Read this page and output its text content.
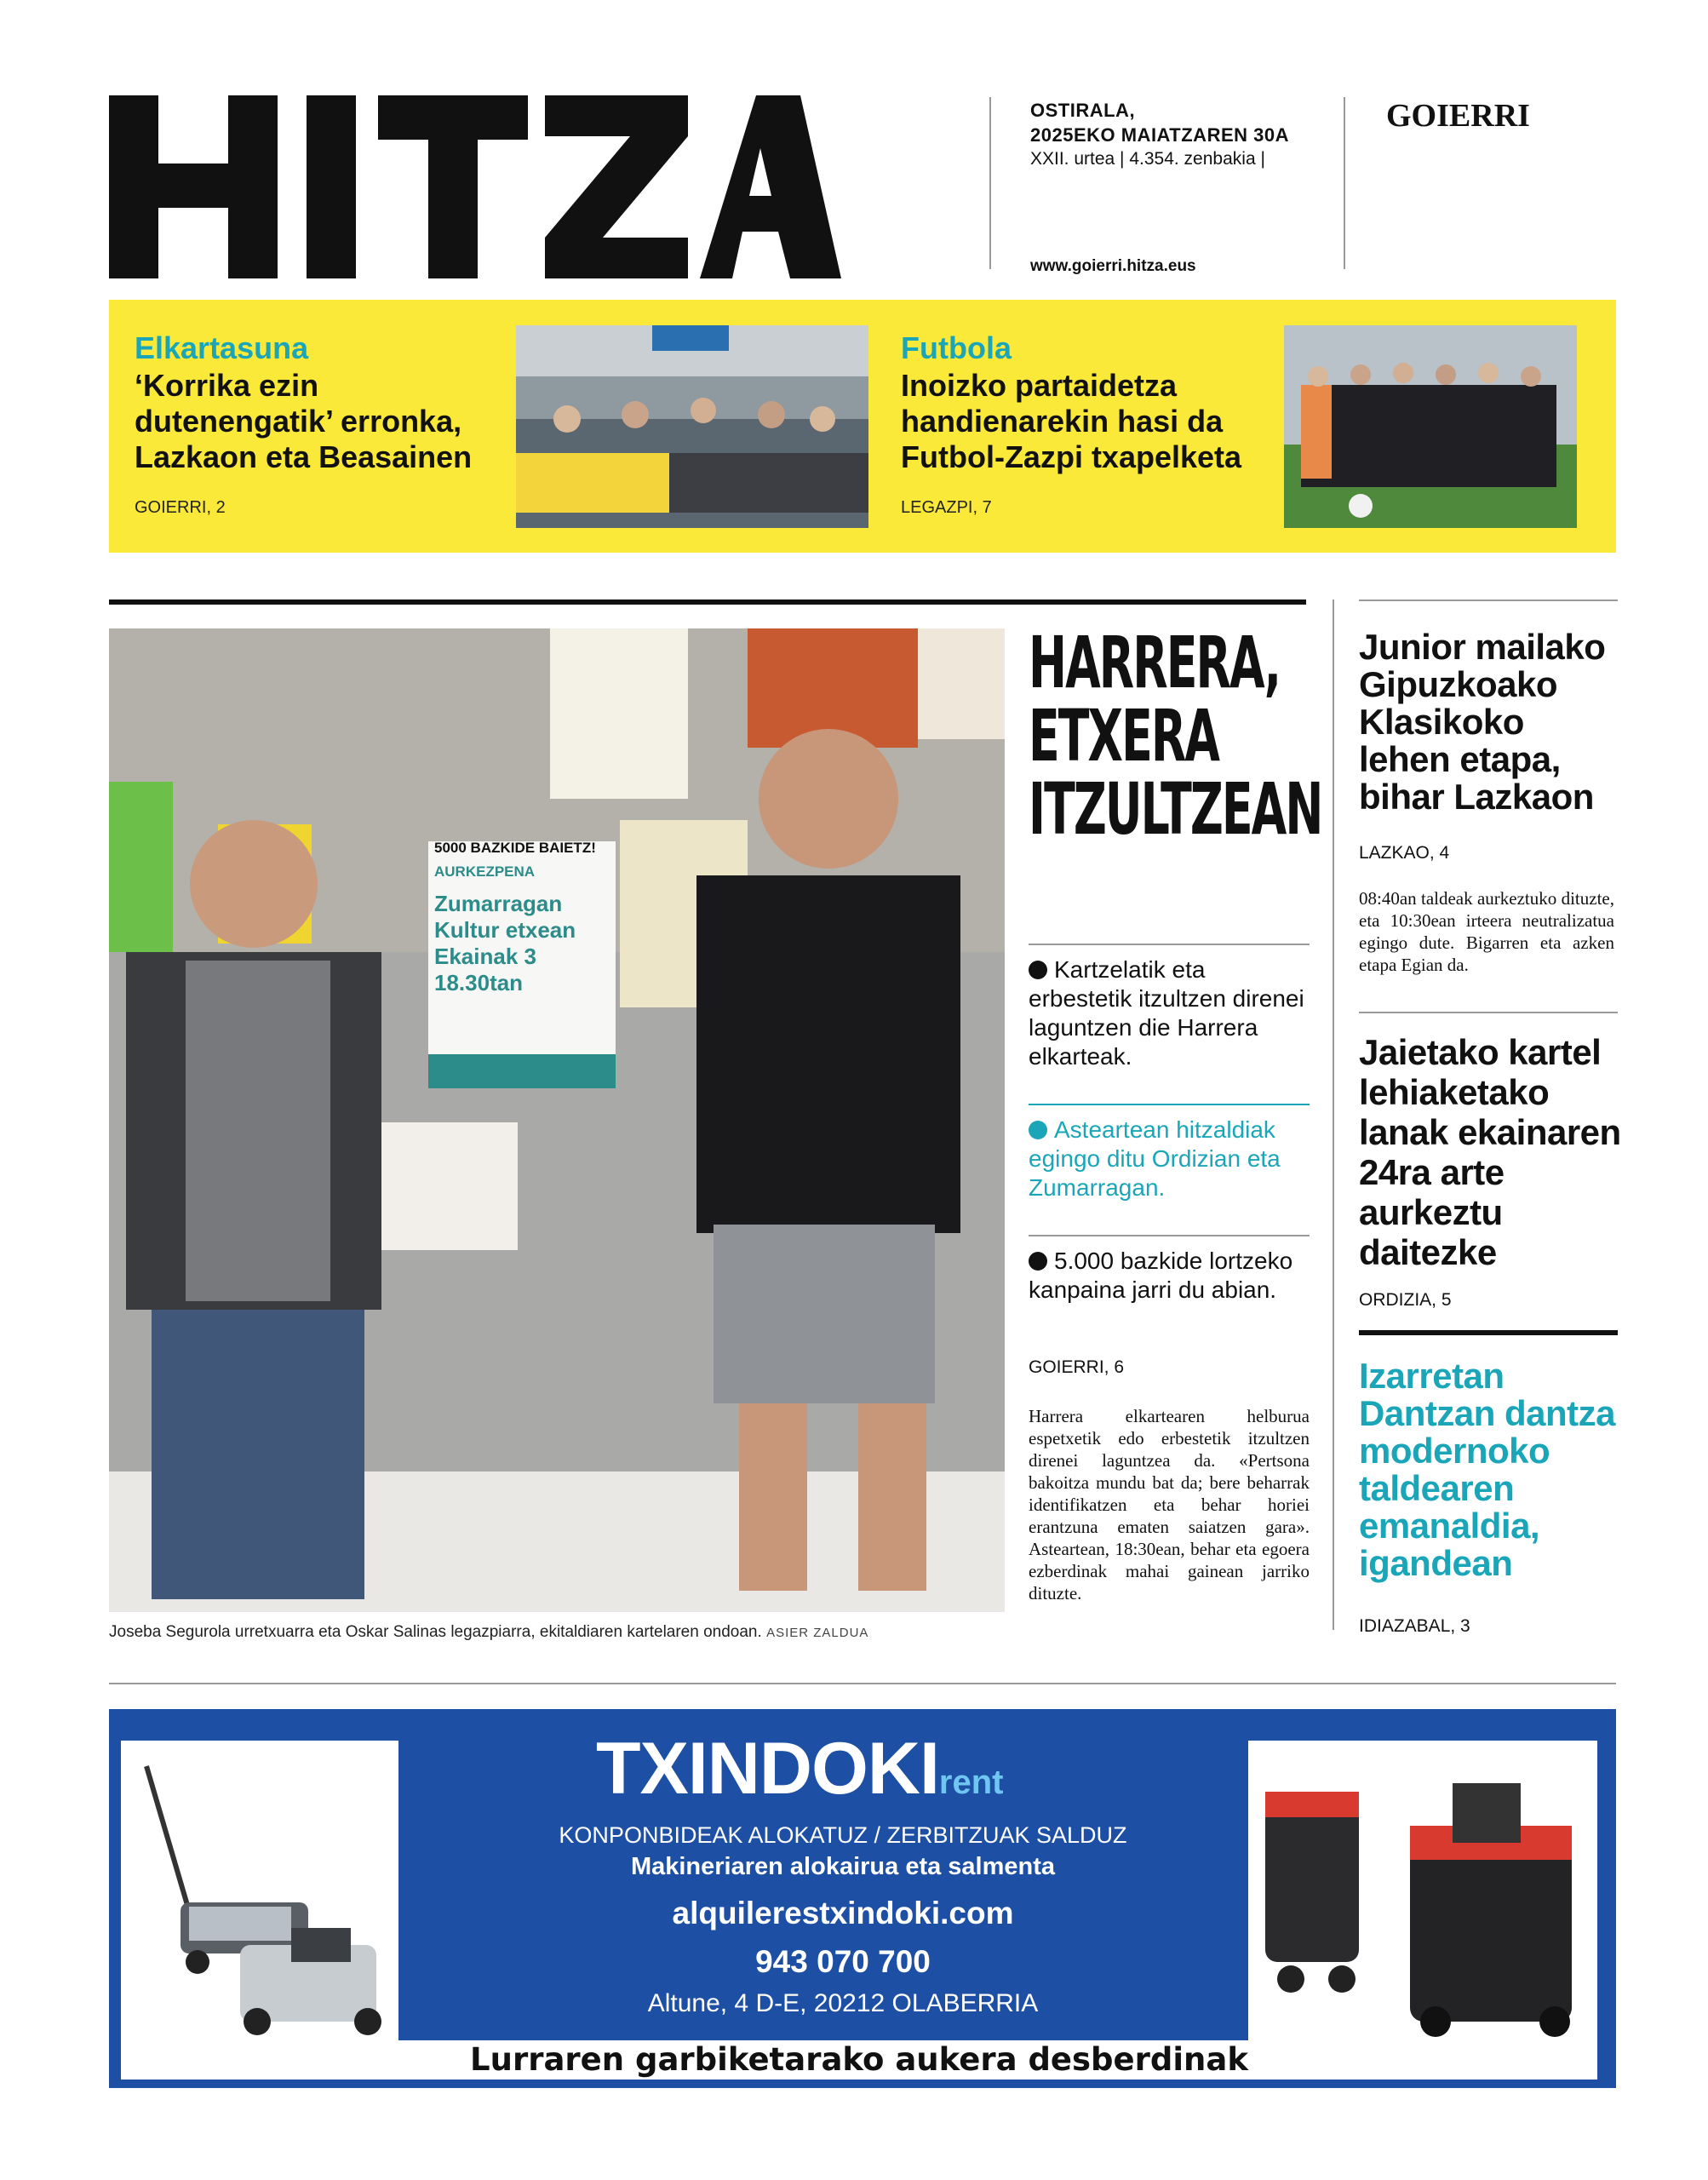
OSTIRALA,
2025EKO MAIATZAREN 30A
XXII. urtea | 4.354. zenbakia |
www.goierri.hitza.eus
GOIERRI
Elkartasuna
‘Korrika ezin
dutenengatik’ erronka,
Lazkaon eta Beasainen
GOIERRI, 2
Futbola
Inoizko partaidetza
handienarekin hasi da
Futbol-Zazpi txapelketa
LEGAZPI, 7
5000 BAZKIDE BAIETZ!
AURKEZPENA
Zumarragan
Kultur etxean
Ekainak 3
18.30tan
Joseba Segurola urretxuarra eta Oskar Salinas legazpiarra, ekitaldiaren kartelaren ondoan. ASIER ZALDUA
HARRERA,
ETXERA
ITZULTZEAN
Kartzelatik eta erbestetik itzultzen direnei laguntzen die Harrera elkarteak.
Asteartean hitzaldiak egingo ditu Ordizian eta Zumarragan.
5.000 bazkide lortzeko kanpaina jarri du abian.
GOIERRI, 6
Harrera elkartearen helburua espetxetik edo erbestetik itzultzen direnei laguntzea da. «Pertsona bakoitza mundu bat da; bere beharrak identifikatzen eta behar horiei erantzuna ematen saiatzen gara». Asteartean, 18:30ean, behar eta egoera ezberdinak mahai gainean jarriko dituzte.
Junior mailako Gipuzkoako Klasikoko lehen etapa, bihar Lazkaon
LAZKAO, 4
08:40an taldeak aurkeztuko dituzte, eta 10:30ean irteera neutralizatua egingo dute. Bigarren eta azken etapa Egian da.
Jaietako kartel lehiaketako lanak ekainaren 24ra arte aurkeztu daitezke
ORDIZIA, 5
Izarretan Dantzan dantza modernoko taldearen emanaldia, igandean
IDIAZABAL, 3
TXINDOKIrent
KONPONBIDEAK ALOKATUZ / ZERBITZUAK SALDUZ
Makineriaren alokairua eta salmenta
alquilerestxindoki.com
943 070 700
Altune, 4 D-E, 20212 OLABERRIA
Lurraren garbiketarako aukera desberdinak
